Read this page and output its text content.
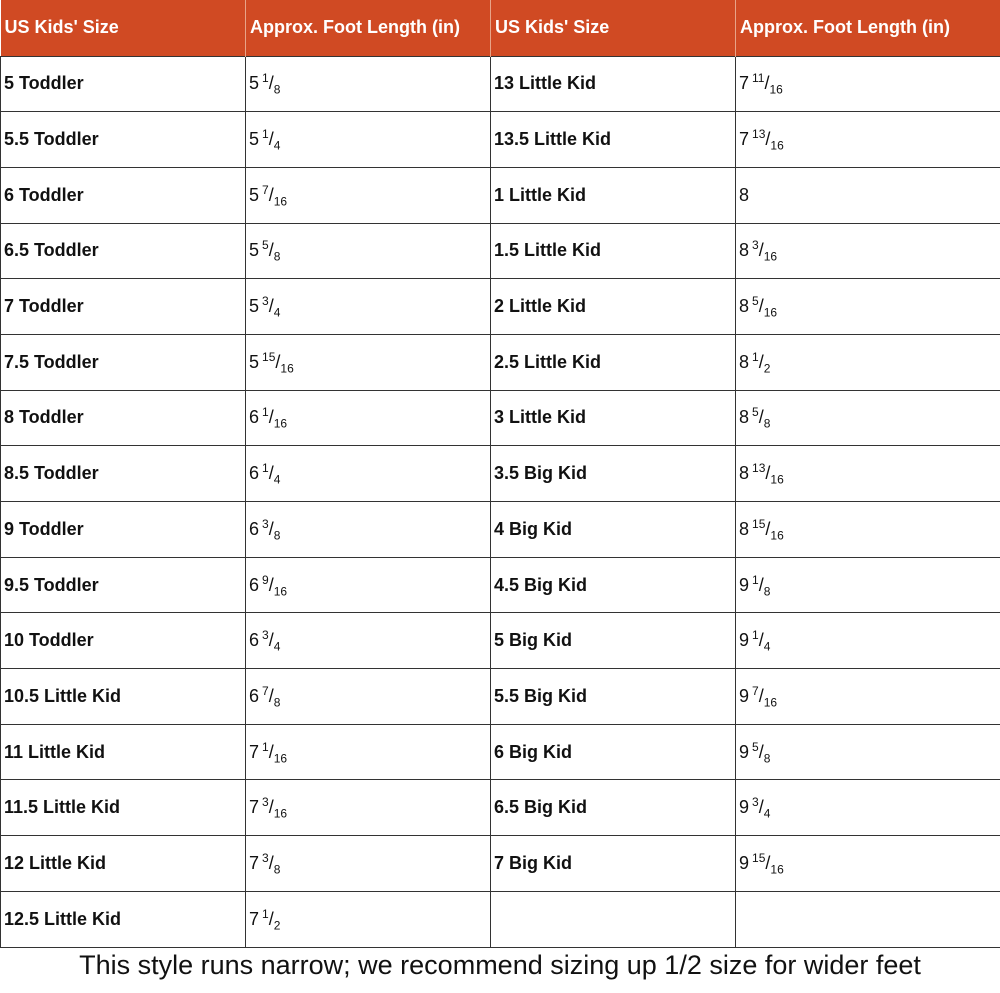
US Kids' Size	Approx. Foot Length (in)	US Kids' Size	Approx. Foot Length (in)
5 Toddler	5 $^1/_8$	13 Little Kid	7 $^{11}/_{16}$
5.5 Toddler	5 $^1/_4$	13.5 Little Kid	7 $^{13}/_{16}$
6 Toddler	5 $^7/_{16}$	1 Little Kid	8
6.5 Toddler	5 $^5/_8$	1.5 Little Kid	8 $^3/_{16}$
7 Toddler	5 $^3/_4$	2 Little Kid	8 $^5/_{16}$
7.5 Toddler	5 $^{15}/_{16}$	2.5 Little Kid	8 $^1/_2$
8 Toddler	6 $^1/_{16}$	3 Little Kid	8 $^5/_8$
8.5 Toddler	6 $^1/_4$	3.5 Big Kid	8 $^{13}/_{16}$
9 Toddler	6 $^3/_8$	4 Big Kid	8 $^{15}/_{16}$
9.5 Toddler	6 $^9/_{16}$	4.5 Big Kid	9 $^1/_8$
10 Toddler	6 $^3/_4$	5 Big Kid	9 $^1/_4$
10.5 Little Kid	6 $^7/_8$	5.5 Big Kid	9 $^7/_{16}$
11 Little Kid	7 $^1/_{16}$	6 Big Kid	9 $^5/_8$
11.5 Little Kid	7 $^3/_{16}$	6.5 Big Kid	9 $^3/_4$
12 Little Kid	7 $^3/_8$	7 Big Kid	9 $^{15}/_{16}$
12.5 Little Kid	7 $^1/_2$		
This style runs narrow; we recommend sizing up 1/2 size for wider feet
